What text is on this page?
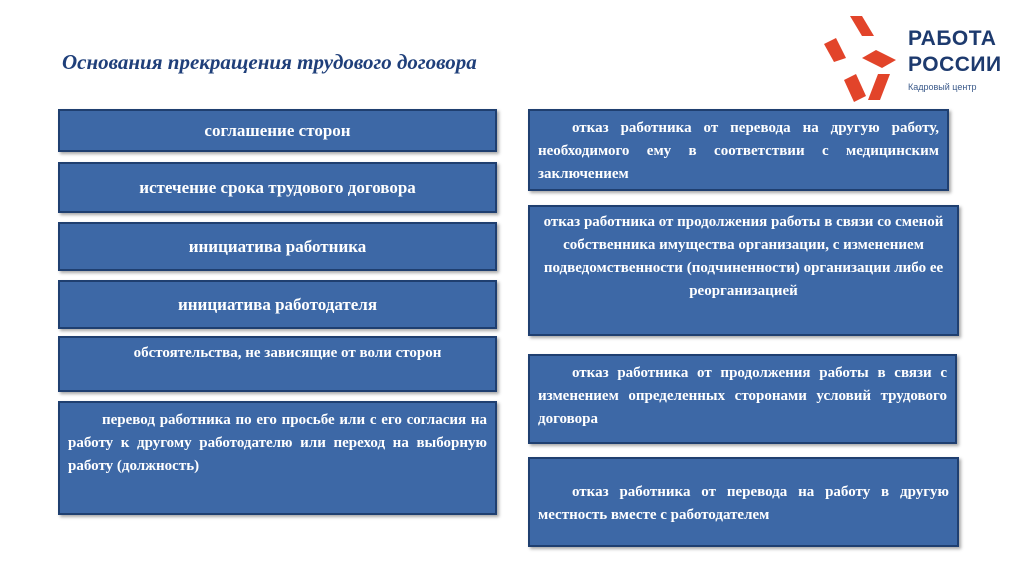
Основания прекращения трудового договора
РАБОТА
РОССИИ
Кадровый центр
соглашение сторон
истечение срока трудового договора
инициатива работника
инициатива работодателя
обстоятельства, не зависящие от воли сторон
перевод работника по его просьбе или с его согласия на работу к другому работодателю или переход на выборную работу (должность)
отказ работника от перевода на другую работу, необходимого ему в соответствии с медицинским заключением
отказ работника от продолжения работы в связи со сменой собственника имущества организации, с изменением подведомственности (подчиненности) организации либо ее реорганизацией
отказ работника от продолжения работы в связи с изменением определенных сторонами условий трудового договора
отказ работника от перевода на работу в другую местность вместе с работодателем
